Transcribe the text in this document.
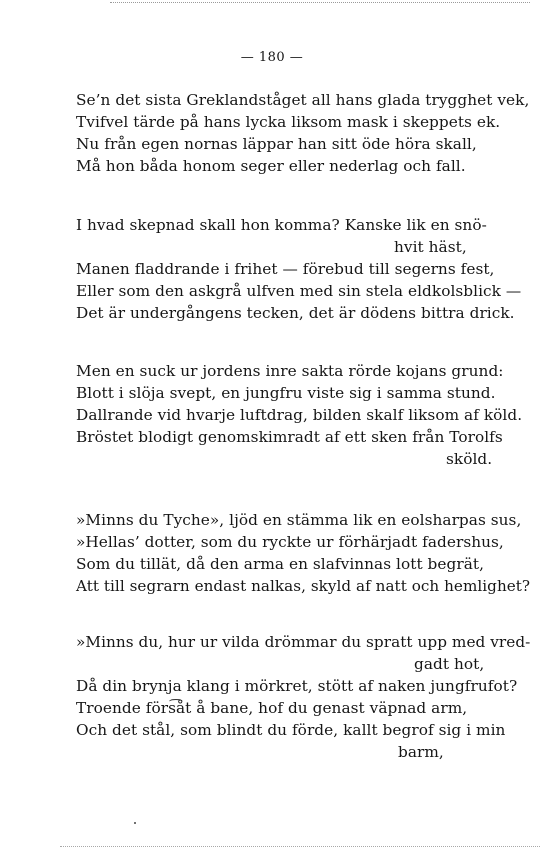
— 180 —
Se’n det sista Greklandståget all hans glada trygghet vek,
Tvifvel tärde på hans lycka liksom mask i skeppets ek.
Nu från egen nornas läppar han sitt öde höra skall,
Må hon båda honom seger eller nederlag och fall.
I hvad skepnad skall hon komma? Kanske lik en snö-
hvit häst,
Manen fladdrande i frihet — förebud till segerns fest,
Eller som den askgrå ulfven med sin stela eldkolsblick —
Det är undergångens tecken, det är dödens bittra drick.
Men en suck ur jordens inre sakta rörde kojans grund:
Blott i slöja svept, en jungfru viste sig i samma stund.
Dallrande vid hvarje luftdrag, bilden skalf liksom af köld.
Bröstet blodigt genomskimradt af ett sken från Torolfs
sköld.
»Minns du Tyche», ljöd en stämma lik en eolsharpas sus,
»Hellas’ dotter, som du ryckte ur förhärjadt fadershus,
Som du tillät, då den arma en slafvinnas lott begrät,
Att till segrarn endast nalkas, skyld af natt och hemlighet?
»Minns du, hur ur vilda drömmar du spratt upp med vred-
gadt hot,
Då din brynja klang i mörkret, stött af naken jungfrufot?
Troende förs͡åt å bane, hof du genast väpnad arm,
Och det stål, som blindt du förde, kallt begrof sig i min
barm,
